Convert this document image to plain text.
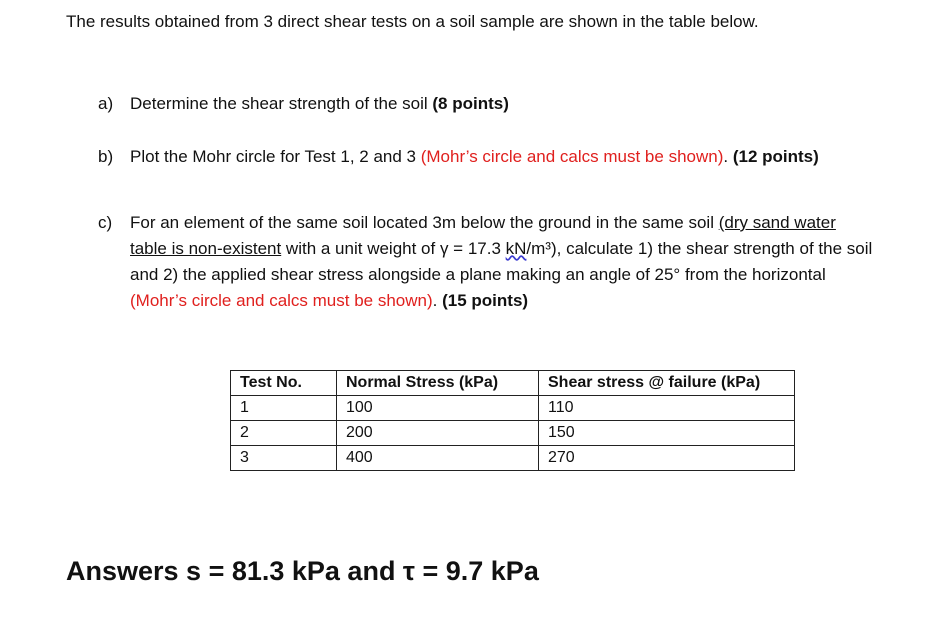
The results obtained from 3 direct shear tests on a soil sample are shown in the table below.
a) Determine the shear strength of the soil (8 points)
b) Plot the Mohr circle for Test 1, 2 and 3 (Mohr’s circle and calcs must be shown). (12 points)
c) For an element of the same soil located 3m below the ground in the same soil (dry sand water table is non-existent with a unit weight of γ = 17.3 kN/m³), calculate 1) the shear strength of the soil and 2) the applied shear stress alongside a plane making an angle of 25° from the horizontal (Mohr’s circle and calcs must be shown). (15 points)
Test No.	Normal Stress (kPa)	Shear stress @ failure (kPa)
1	100	110
2	200	150
3	400	270
Answers s = 81.3 kPa and τ = 9.7 kPa
